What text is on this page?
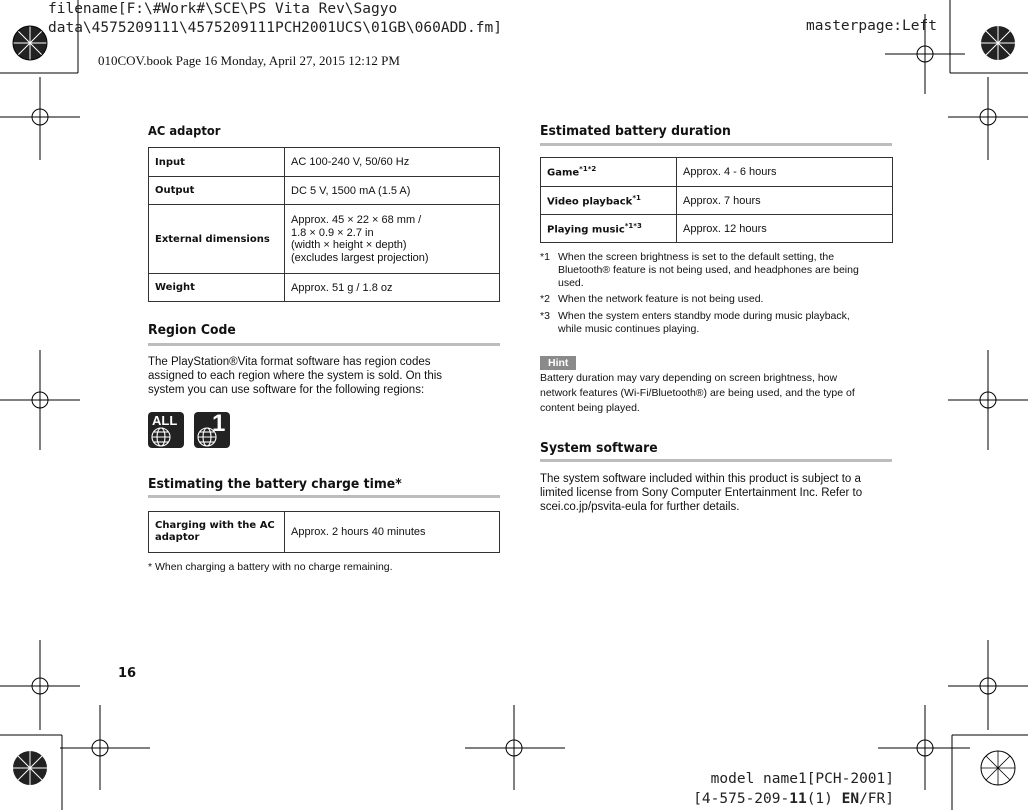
filename[F:\#Work#\SCE\PS Vita Rev\Sagyo
data\4575209111\4575209111PCH2001UCS\01GB\060ADD.fm]	masterpage:Left
010COV.book Page 16 Monday, April 27, 2015 12:12 PM
AC adaptor
Input	AC 100-240 V, 50/60 Hz
Output	DC 5 V, 1500 mA (1.5 A)
External dimensions	Approx. 45 × 22 × 68 mm /
1.8 × 0.9 × 2.7 in
(width × height × depth)
(excludes largest projection)

Weight	Approx. 51 g / 1.8 oz
Region Code
The PlayStation®Vita format software has region codes
assigned to each region where the system is sold. On this
system you can use software for the following regions:
ALL 1
Estimating the battery charge time*
Charging with the AC
adaptor	Approx. 2 hours 40 minutes
* When charging a battery with no charge remaining.
16
Estimated battery duration
Game$^{*1*2}$	Approx. 4 - 6 hours
Video playback$^{*1}$	Approx. 7 hours
Playing music$^{*1*3}$	Approx. 12 hours
*1 When the screen brightness is set to the default setting, the
Bluetooth® feature is not being used, and headphones are being
used.
*2 When the network feature is not being used.
*3 When the system enters standby mode during music playback,
while music continues playing.
Hint
Battery duration may vary depending on screen brightness, how
network features (Wi-Fi/Bluetooth®) are being used, and the type of
content being played.
System software
The system software included within this product is subject to a
limited license from Sony Computer Entertainment Inc. Refer to
scei.co.jp/psvita-eula for further details.
model name1[PCH-2001]
[4-575-209-11(1) EN/FR]
